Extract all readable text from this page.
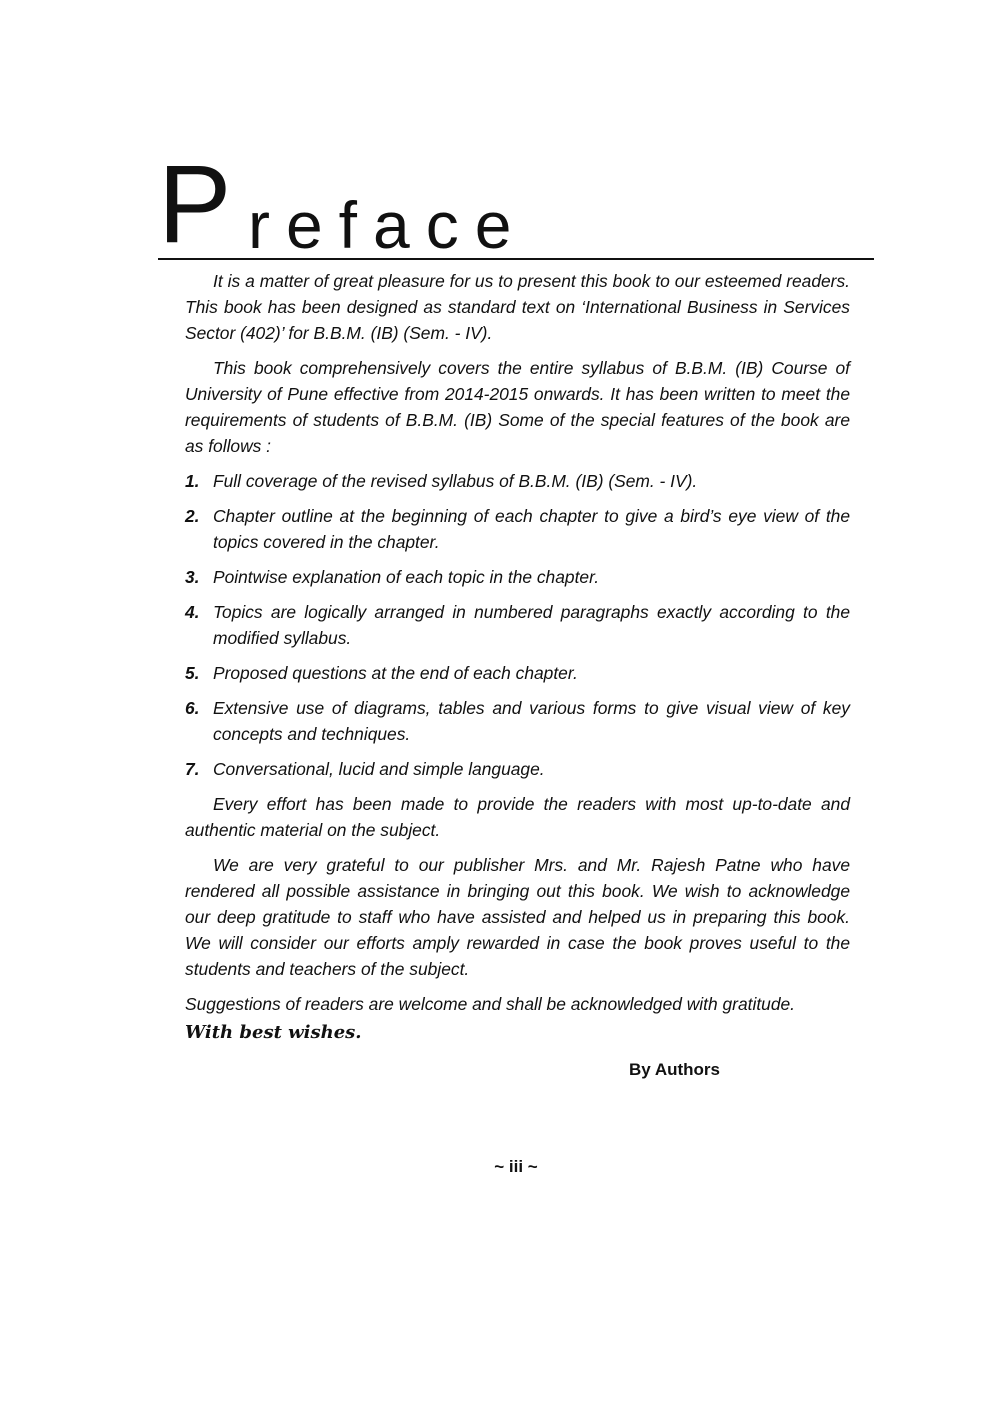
P reface

It is a matter of great pleasure for us to present this book to our esteemed readers. This book has been designed as standard text on ‘International Business in Services Sector (402)’ for B.B.M. (IB) (Sem. - IV).

This book comprehensively covers the entire syllabus of B.B.M. (IB) Course of University of Pune effective from 2014-2015 onwards. It has been written to meet the requirements of students of B.B.M. (IB) Some of the special features of the book are as follows :

1. Full coverage of the revised syllabus of B.B.M. (IB) (Sem. - IV).
2. Chapter outline at the beginning of each chapter to give a bird’s eye view of the topics covered in the chapter.
3. Pointwise explanation of each topic in the chapter.
4. Topics are logically arranged in numbered paragraphs exactly according to the modified syllabus.
5. Proposed questions at the end of each chapter.
6. Extensive use of diagrams, tables and various forms to give visual view of key concepts and techniques.
7. Conversational, lucid and simple language.

Every effort has been made to provide the readers with most up-to-date and authentic material on the subject.

We are very grateful to our publisher Mrs. and Mr. Rajesh Patne who have rendered all possible assistance in bringing out this book. We wish to acknowledge our deep gratitude to staff who have assisted and helped us in preparing this book. We will consider our efforts amply rewarded in case the book proves useful to the students and teachers of the subject.

Suggestions of readers are welcome and shall be acknowledged with gratitude.

With best wishes.
By Authors
~ iii ~
